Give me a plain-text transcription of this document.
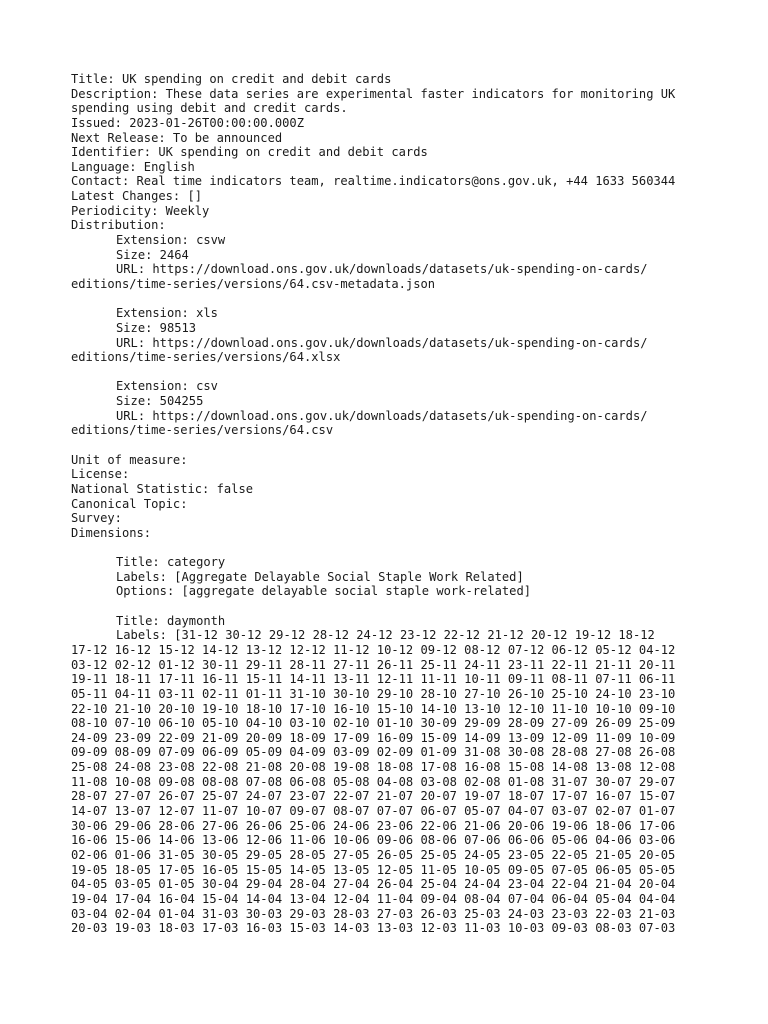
Title: UK spending on credit and debit cards
Description: These data series are experimental faster indicators for monitoring UK
spending using debit and credit cards.
Issued: 2023-01-26T00:00:00.000Z
Next Release: To be announced
Identifier: UK spending on credit and debit cards
Language: English
Contact: Real time indicators team, realtime.indicators@ons.gov.uk, +44 1633 560344
Latest Changes: []
Periodicity: Weekly
Distribution:
Extension: csvw
Size: 2464
URL: https://download.ons.gov.uk/downloads/datasets/uk-spending-on-cards/
editions/time-series/versions/64.csv-metadata.json
Extension: xls
Size: 98513
URL: https://download.ons.gov.uk/downloads/datasets/uk-spending-on-cards/
editions/time-series/versions/64.xlsx
Extension: csv
Size: 504255
URL: https://download.ons.gov.uk/downloads/datasets/uk-spending-on-cards/
editions/time-series/versions/64.csv
Unit of measure:
License:
National Statistic: false
Canonical Topic:
Survey:
Dimensions:
Title: category
Labels: [Aggregate Delayable Social Staple Work Related]
Options: [aggregate delayable social staple work-related]
Title: daymonth
Labels: [31-12 30-12 29-12 28-12 24-12 23-12 22-12 21-12 20-12 19-12 18-12
17-12 16-12 15-12 14-12 13-12 12-12 11-12 10-12 09-12 08-12 07-12 06-12 05-12 04-12
03-12 02-12 01-12 30-11 29-11 28-11 27-11 26-11 25-11 24-11 23-11 22-11 21-11 20-11
19-11 18-11 17-11 16-11 15-11 14-11 13-11 12-11 11-11 10-11 09-11 08-11 07-11 06-11
05-11 04-11 03-11 02-11 01-11 31-10 30-10 29-10 28-10 27-10 26-10 25-10 24-10 23-10
22-10 21-10 20-10 19-10 18-10 17-10 16-10 15-10 14-10 13-10 12-10 11-10 10-10 09-10
08-10 07-10 06-10 05-10 04-10 03-10 02-10 01-10 30-09 29-09 28-09 27-09 26-09 25-09
24-09 23-09 22-09 21-09 20-09 18-09 17-09 16-09 15-09 14-09 13-09 12-09 11-09 10-09
09-09 08-09 07-09 06-09 05-09 04-09 03-09 02-09 01-09 31-08 30-08 28-08 27-08 26-08
25-08 24-08 23-08 22-08 21-08 20-08 19-08 18-08 17-08 16-08 15-08 14-08 13-08 12-08
11-08 10-08 09-08 08-08 07-08 06-08 05-08 04-08 03-08 02-08 01-08 31-07 30-07 29-07
28-07 27-07 26-07 25-07 24-07 23-07 22-07 21-07 20-07 19-07 18-07 17-07 16-07 15-07
14-07 13-07 12-07 11-07 10-07 09-07 08-07 07-07 06-07 05-07 04-07 03-07 02-07 01-07
30-06 29-06 28-06 27-06 26-06 25-06 24-06 23-06 22-06 21-06 20-06 19-06 18-06 17-06
16-06 15-06 14-06 13-06 12-06 11-06 10-06 09-06 08-06 07-06 06-06 05-06 04-06 03-06
02-06 01-06 31-05 30-05 29-05 28-05 27-05 26-05 25-05 24-05 23-05 22-05 21-05 20-05
19-05 18-05 17-05 16-05 15-05 14-05 13-05 12-05 11-05 10-05 09-05 07-05 06-05 05-05
04-05 03-05 01-05 30-04 29-04 28-04 27-04 26-04 25-04 24-04 23-04 22-04 21-04 20-04
19-04 17-04 16-04 15-04 14-04 13-04 12-04 11-04 09-04 08-04 07-04 06-04 05-04 04-04
03-04 02-04 01-04 31-03 30-03 29-03 28-03 27-03 26-03 25-03 24-03 23-03 22-03 21-03
20-03 19-03 18-03 17-03 16-03 15-03 14-03 13-03 12-03 11-03 10-03 09-03 08-03 07-03
